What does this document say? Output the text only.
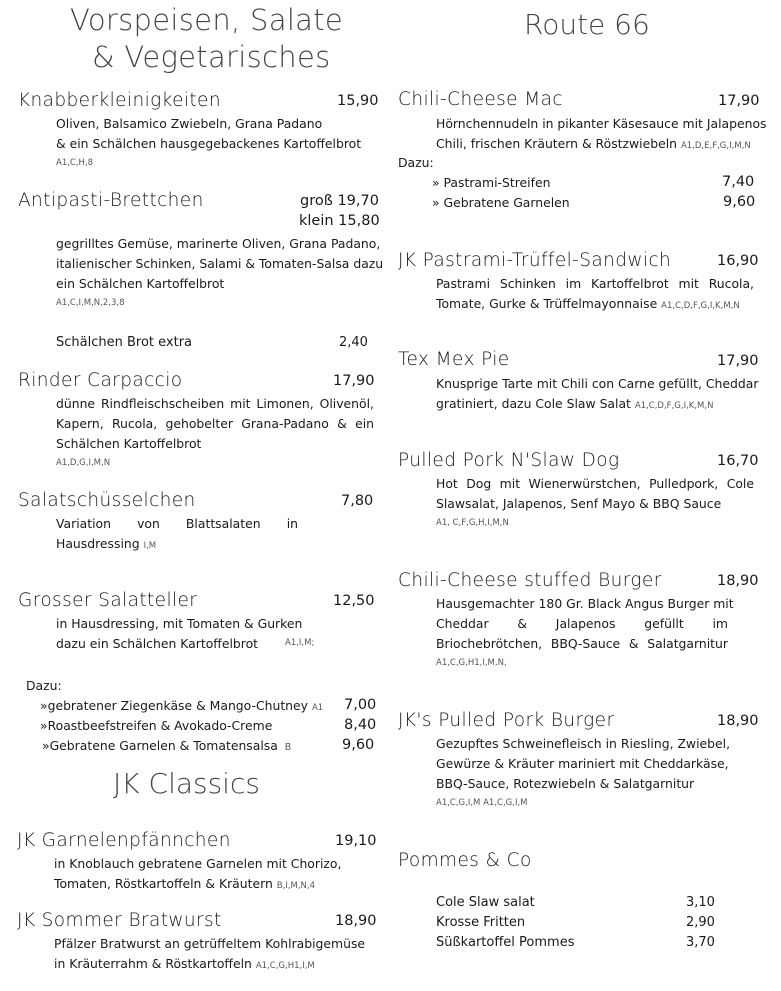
Vorspeisen, Salate
& Vegetarisches
Knabberkleinigkeiten	15,90
Oliven, Balsamico Zwiebeln, Grana Padano
& ein Schälchen hausgegebackenes Kartoffelbrot
A1,C,H,8
Antipasti-Brettchen	groß 19,70
klein 15,80
gegrilltes Gemüse, marinerte Oliven, Grana Padano,
italienischer Schinken, Salami & Tomaten-Salsa dazu
ein Schälchen Kartoffelbrot
A1,C,I,M,N,2,3,8
Schälchen Brot extra	2,40
Rinder Carpaccio	17,90
dünne Rindfleischscheiben mit Limonen, Olivenöl,
Kapern, Rucola, gehobelter Grana-Padano & ein
Schälchen Kartoffelbrot
A1,D,G,I,M,N
Salatschüsselchen	7,80
Variation von Blattsalaten in
Hausdressing I,M
Grosser Salatteller	12,50
in Hausdressing, mit Tomaten & Gurken
dazu ein Schälchen Kartoffelbrot	A1,I,M;
Dazu:
»gebratener Ziegenkäse & Mango-Chutney A1 7,00
»Roastbeefstreifen & Avokado-Creme	8,40
»Gebratene Garnelen & Tomatensalsa B	9,60
JK Classics
JK Garnelenpfännchen	19,10
in Knoblauch gebratene Garnelen mit Chorizo,
Tomaten, Röstkartoffeln & Kräutern B,I,M,N,4
JK Sommer Bratwurst	18,90
Pfälzer Bratwurst an getrüffeltem Kohlrabigemüse
in Kräuterrahm & Röstkartoffeln A1,C,G,H1,I,M
Route 66
Chili-Cheese Mac	17,90
Hörnchennudeln in pikanter Käsesauce mit Jalapenos
Chili, frischen Kräutern & Röstzwiebeln A1,D,E,F,G,I,M,N
Dazu:
» Pastrami-Streifen	7,40
» Gebratene Garnelen	9,60
JK Pastrami-Trüffel-Sandwich	16,90
Pastrami Schinken im Kartoffelbrot mit Rucola,
Tomate, Gurke & Trüffelmayonnaise A1,C,D,F,G,I,K,M,N
Tex Mex Pie	17,90
Knusprige Tarte mit Chili con Carne gefüllt, Cheddar
gratiniert, dazu Cole Slaw Salat A1,C,D,F,G,I,K,M,N
Pulled Pork N'Slaw Dog	16,70
Hot Dog mit Wienerwürstchen, Pulledpork, Cole
Slawsalat, Jalapenos, Senf Mayo & BBQ Sauce
A1, C,F,G,H,I,M,N
Chili-Cheese stuffed Burger	18,90
Hausgemachter 180 Gr. Black Angus Burger mit
Cheddar & Jalapenos gefüllt im
Briochebrötchen, BBQ-Sauce & Salatgarnitur
A1,C,G,H1,I,M,N,
JK's Pulled Pork Burger	18,90
Gezupftes Schweinefleisch in Riesling, Zwiebel,
Gewürze & Kräuter mariniert mit Cheddarkäse,
BBQ-Sauce, Rotezwiebeln & Salatgarnitur
A1,C,G,I,M A1,C,G,I,M
Pommes & Co
Cole Slaw salat	3,10
Krosse Fritten	2,90
Süßkartoffel Pommes	3,70
